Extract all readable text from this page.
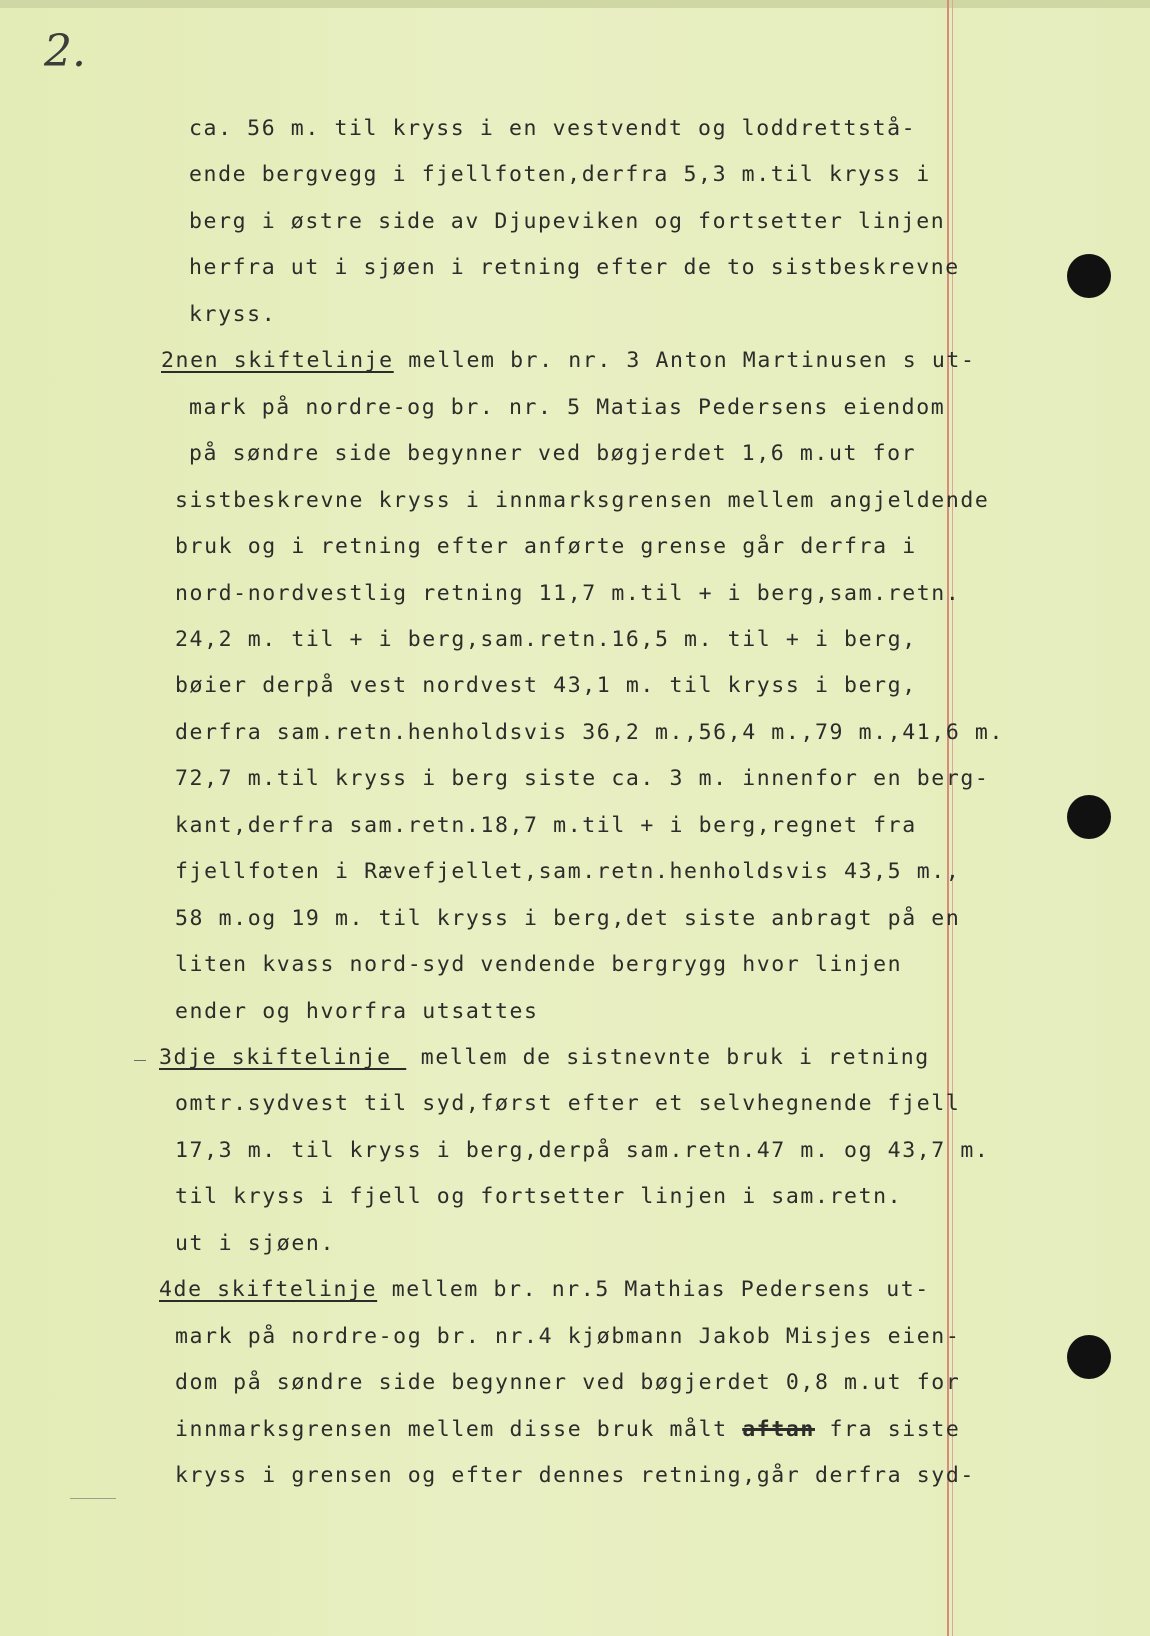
2.
ca. 56 m. til kryss i en vestvendt og loddrettstå-
ende bergvegg i fjellfoten,derfra 5,3 m.til kryss i
berg i østre side av Djupeviken og fortsetter linjen
herfra ut i sjøen i retning efter de to sistbeskrevne
kryss.
2nen skiftelinje mellem br. nr. 3 Anton Martinusen s ut-
mark på nordre-og br. nr. 5 Matias Pedersens eiendom
på søndre side begynner ved bøgjerdet 1,6 m.ut for
sistbeskrevne kryss i innmarksgrensen mellem angjeldende
bruk og i retning efter anførte grense går derfra i
nord-nordvestlig retning 11,7 m.til + i berg,sam.retn.
24,2 m. til + i berg,sam.retn.16,5 m. til + i berg,
bøier derpå vest nordvest 43,1 m. til kryss i berg,
derfra sam.retn.henholdsvis 36,2 m.,56,4 m.,79 m.,41,6 m.
72,7 m.til kryss i berg siste ca. 3 m. innenfor en berg-
kant,derfra sam.retn.18,7 m.til + i berg,regnet fra
fjellfoten i Rævefjellet,sam.retn.henholdsvis 43,5 m.,
58 m.og 19 m. til kryss i berg,det siste anbragt på en
liten kvass nord-syd vendende bergrygg hvor linjen
ender og hvorfra utsattes
3dje skiftelinje  mellem de sistnevnte bruk i retning
omtr.sydvest til syd,først efter et selvhegnende fjell
17,3 m. til kryss i berg,derpå sam.retn.47 m. og 43,7 m.
til kryss i fjell og fortsetter linjen i sam.retn.
ut i sjøen.
4de skiftelinje mellem br. nr.5 Mathias Pedersens ut-
mark på nordre-og br. nr.4 kjøbmann Jakob Misjes eien-
dom på søndre side begynner ved bøgjerdet 0,8 m.ut for
innmarksgrensen mellem disse bruk målt aftan fra siste
kryss i grensen og efter dennes retning,går derfra syd-
